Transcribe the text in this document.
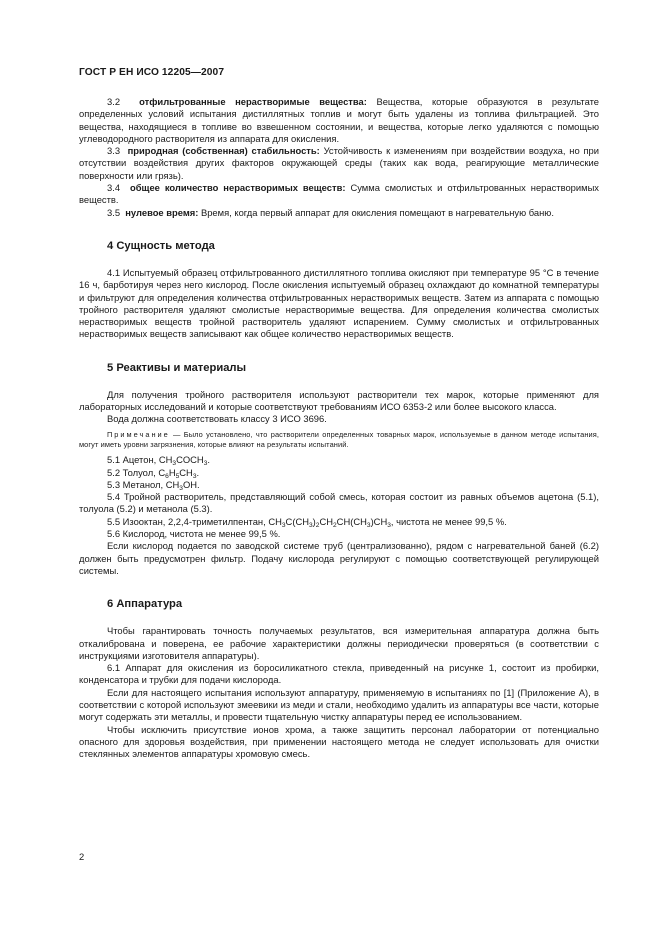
ГОСТ Р ЕН ИСО 12205—2007

3.2 отфильтрованные нерастворимые вещества: Вещества, которые образуются в результате определенных условий испытания дистиллятных топлив и могут быть удалены из топлива фильтрацией. Это вещества, находящиеся в топливе во взвешенном состоянии, и вещества, которые легко удаляются с помощью углеводородного растворителя из аппарата для окисления.

3.3 природная (собственная) стабильность: Устойчивость к изменениям при воздействии воздуха, но при отсутствии воздействия других факторов окружающей среды (таких как вода, реагирующие металлические поверхности или грязь).

3.4 общее количество нерастворимых веществ: Сумма смолистых и отфильтрованных нерастворимых веществ.

3.5 нулевое время: Время, когда первый аппарат для окисления помещают в нагревательную баню.

4 Сущность метода

4.1 Испытуемый образец отфильтрованного дистиллятного топлива окисляют при температуре 95 °С в течение 16 ч, барботируя через него кислород. После окисления испытуемый образец охлаждают до комнатной температуры и фильтруют для определения количества отфильтрованных нерастворимых веществ. Затем из аппарата с помощью тройного растворителя удаляют смолистые нерастворимые вещества. Для определения количества смолистых нерастворимых веществ тройной растворитель удаляют испарением. Сумму смолистых и отфильтрованных нерастворимых веществ записывают как общее количество нерастворимых веществ.

5 Реактивы и материалы

Для получения тройного растворителя используют растворители тех марок, которые применяют для лабораторных исследований и которые соответствуют требованиям ИСО 6353-2 или более высокого класса.

Вода должна соответствовать классу 3 ИСО 3696.

Примечание — Было установлено, что растворители определенных товарных марок, используемые в данном методе испытания, могут иметь уровни загрязнения, которые влияют на результаты испытаний.

5.1 Ацетон, $CH_3COCH_3$.

5.2 Толуол, $C_6H_5CH_3$.

5.3 Метанол, $CH_3OH$.

5.4 Тройной растворитель, представляющий собой смесь, которая состоит из равных объемов ацетона (5.1), толуола (5.2) и метанола (5.3).

5.5 Изооктан, 2,2,4-триметилпентан, $CH_3C(CH_3)_2CH_2CH(CH_3)CH_3$, чистота не менее 99,5 %.

5.6 Кислород, чистота не менее 99,5 %.

Если кислород подается по заводской системе труб (централизованно), рядом с нагревательной баней (6.2) должен быть предусмотрен фильтр. Подачу кислорода регулируют с помощью соответствующей регулирующей системы.

6 Аппаратура

Чтобы гарантировать точность получаемых результатов, вся измерительная аппаратура должна быть откалибрована и поверена, ее рабочие характеристики должны периодически проверяться (в соответствии с инструкциями изготовителя аппаратуры).

6.1 Аппарат для окисления из боросиликатного стекла, приведенный на рисунке 1, состоит из пробирки, конденсатора и трубки для подачи кислорода.

Если для настоящего испытания используют аппаратуру, применяемую в испытаниях по [1] (Приложение А), в соответствии с которой используют змеевики из меди и стали, необходимо удалить из аппаратуры все части, которые могут содержать эти металлы, и провести тщательную чистку аппаратуры перед ее использованием.

Чтобы исключить присутствие ионов хрома, а также защитить персонал лаборатории от потенциально опасного для здоровья воздействия, при применении настоящего метода не следует использовать для очистки стеклянных элементов аппаратуры хромовую смесь.

2
